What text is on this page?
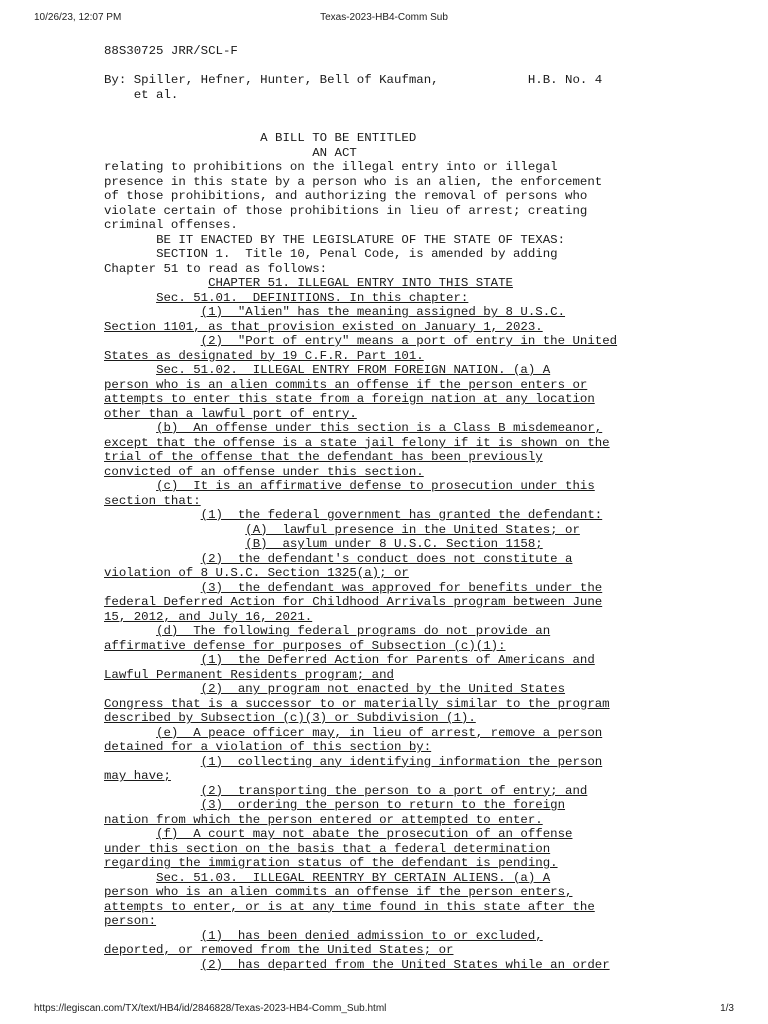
10/26/23, 12:07 PM	Texas-2023-HB4-Comm Sub
88S30725 JRR/SCL-F
By: Spiller, Hefner, Hunter, Bell of Kaufman,            H.B. No. 4
et al.
A BILL TO BE ENTITLED
AN ACT
relating to prohibitions on the illegal entry into or illegal
presence in this state by a person who is an alien, the enforcement
of those prohibitions, and authorizing the removal of persons who
violate certain of those prohibitions in lieu of arrest; creating
criminal offenses.
BE IT ENACTED BY THE LEGISLATURE OF THE STATE OF TEXAS:
SECTION 1.  Title 10, Penal Code, is amended by adding
Chapter 51 to read as follows:
CHAPTER 51. ILLEGAL ENTRY INTO THIS STATE
Sec. 51.01.  DEFINITIONS. In this chapter:
(1)  "Alien" has the meaning assigned by 8 U.S.C.
Section 1101, as that provision existed on January 1, 2023.
(2)  "Port of entry" means a port of entry in the United
States as designated by 19 C.F.R. Part 101.
Sec. 51.02.  ILLEGAL ENTRY FROM FOREIGN NATION. (a) A
person who is an alien commits an offense if the person enters or
attempts to enter this state from a foreign nation at any location
other than a lawful port of entry.
(b)  An offense under this section is a Class B misdemeanor,
except that the offense is a state jail felony if it is shown on the
trial of the offense that the defendant has been previously
convicted of an offense under this section.
(c)  It is an affirmative defense to prosecution under this
section that:
(1)  the federal government has granted the defendant:
(A)  lawful presence in the United States; or
(B)  asylum under 8 U.S.C. Section 1158;
(2)  the defendant's conduct does not constitute a
violation of 8 U.S.C. Section 1325(a); or
(3)  the defendant was approved for benefits under the
federal Deferred Action for Childhood Arrivals program between June
15, 2012, and July 16, 2021.
(d)  The following federal programs do not provide an
affirmative defense for purposes of Subsection (c)(1):
(1)  the Deferred Action for Parents of Americans and
Lawful Permanent Residents program; and
(2)  any program not enacted by the United States
Congress that is a successor to or materially similar to the program
described by Subsection (c)(3) or Subdivision (1).
(e)  A peace officer may, in lieu of arrest, remove a person
detained for a violation of this section by:
(1)  collecting any identifying information the person
may have;
(2)  transporting the person to a port of entry; and
(3)  ordering the person to return to the foreign
nation from which the person entered or attempted to enter.
(f)  A court may not abate the prosecution of an offense
under this section on the basis that a federal determination
regarding the immigration status of the defendant is pending.
Sec. 51.03.  ILLEGAL REENTRY BY CERTAIN ALIENS. (a) A
person who is an alien commits an offense if the person enters,
attempts to enter, or is at any time found in this state after the
person:
(1)  has been denied admission to or excluded,
deported, or removed from the United States; or
(2)  has departed from the United States while an order
https://legiscan.com/TX/text/HB4/id/2846828/Texas-2023-HB4-Comm_Sub.html	1/3
